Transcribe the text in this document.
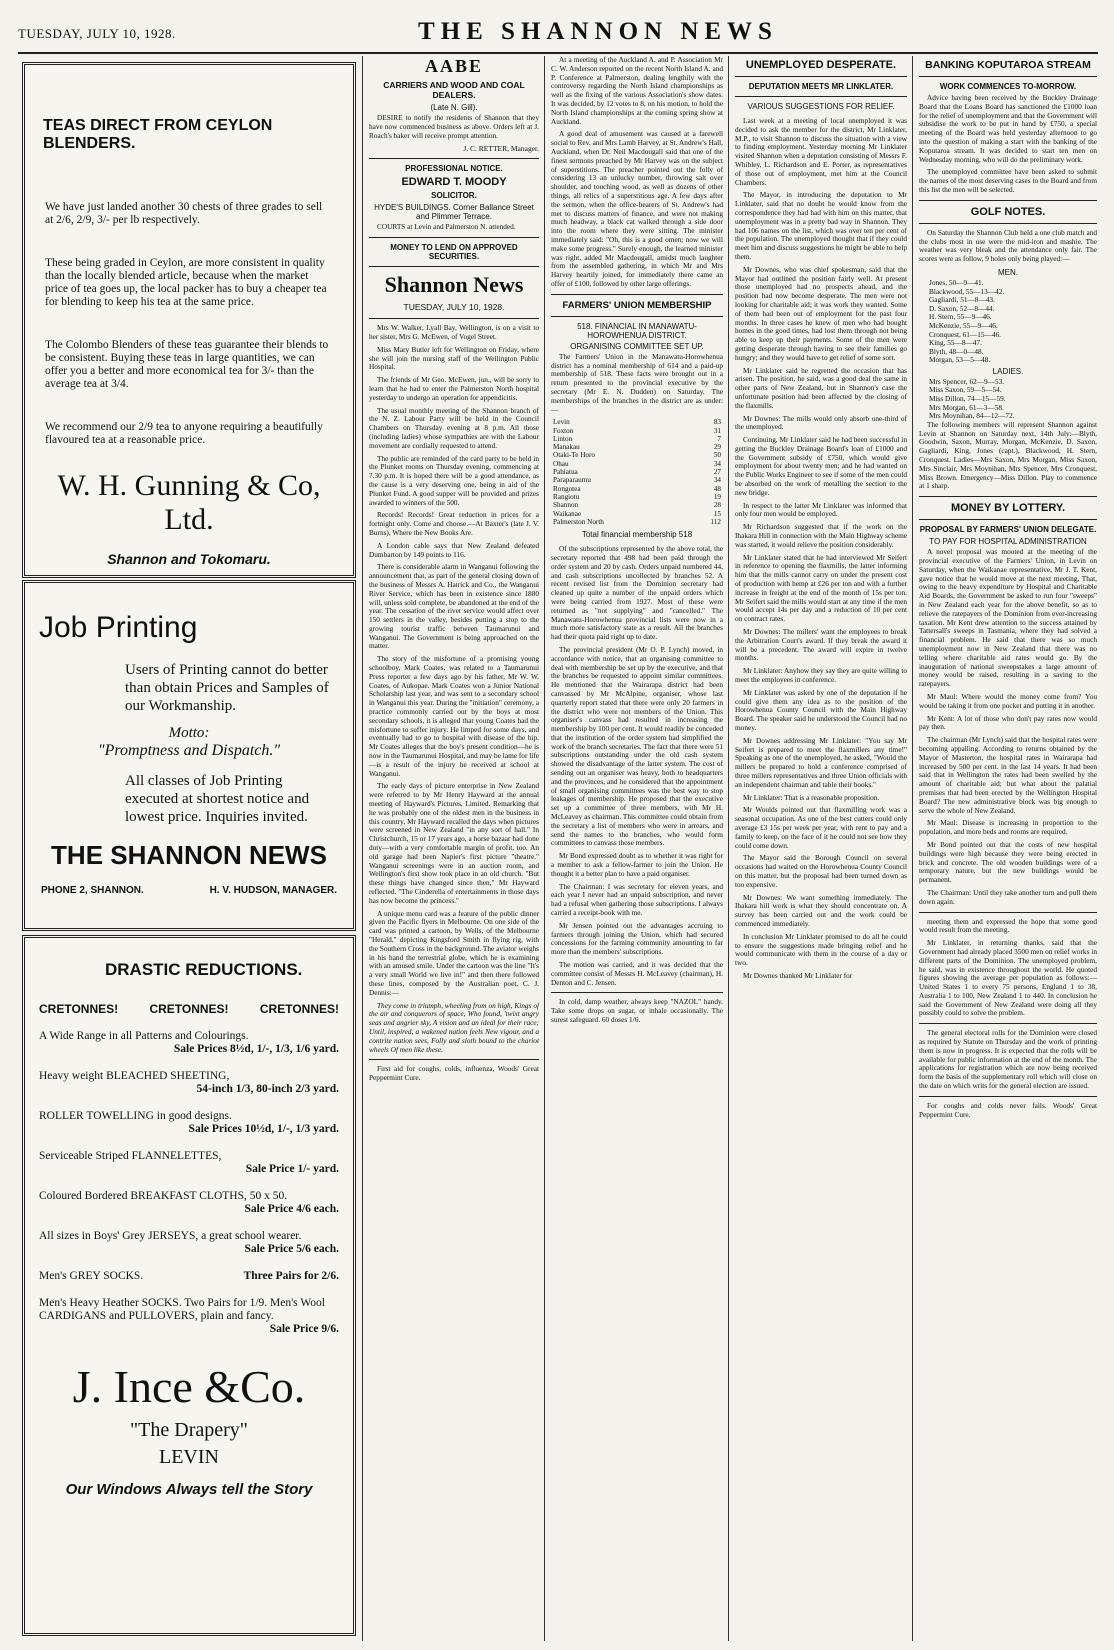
TUESDAY, JULY 10, 1928.	THE SHANNON NEWS
TEAS DIRECT FROM CEYLON BLENDERS.
We have just landed another 30 chests of three grades to sell at 2/6, 2/9, 3/- per lb respectively.
These being graded in Ceylon, are more consistent in quality than the locally blended article, because when the market price of tea goes up, the local packer has to buy a cheaper tea for blending to keep his tea at the same price.
The Colombo Blenders of these teas guarantee their blends to be consistent. Buying these teas in large quantities, we can offer you a better and more economical tea for 3/- than the average tea at 3/4.
We recommend our 2/9 tea to anyone requiring a beautifully flavoured tea at a reasonable price.
W. H. Gunning & Co, Ltd.
Shannon and Tokomaru.
Job Printing
Users of Printing cannot do better than obtain Prices and Samples of our Workmanship.
Motto:
"Promptness and Dispatch."
All classes of Job Printing executed at shortest notice and lowest price. Inquiries invited.
THE SHANNON NEWS
PHONE 2, SHANNON.	H. V. HUDSON, MANAGER.
DRASTIC REDUCTIONS.
CRETONNES!	CRETONNES!	CRETONNES!
A Wide Range in all Patterns and Colourings.
Sale Prices 8½d, 1/-, 1/3, 1/6 yard.
Heavy weight BLEACHED SHEETING,
54-inch 1/3, 80-inch 2/3 yard.
ROLLER TOWELLING in good designs.
Sale Prices 10½d, 1/-, 1/3 yard.
Serviceable Striped FLANNELETTES,
Sale Price 1/- yard.
Coloured Bordered BREAKFAST CLOTHS, 50 x 50.
Sale Price 4/6 each.
All sizes in Boys' Grey JERSEYS, a great school wearer.
Sale Price 5/6 each.
Men's GREY SOCKS.	Three Pairs for 2/6.
Men's Heavy Heather SOCKS. Two Pairs for 1/9. Men's Wool CARDIGANS and PULLOVERS, plain and fancy.
Sale Price 9/6.
J. Ince &Co.
"The Drapery"
LEVIN
Our Windows Always tell the Story
AABE
CARRIERS AND WOOD AND COAL DEALERS.
(Late N. Gill).

DESIRE to notify the residents of Shannon that they have now commenced business as above. Orders left at J. Roach's baker will receive prompt attention.

J. C. RETTER, Manager.
PROFESSIONAL NOTICE.
EDWARD T. MOODY
SOLICITOR.
HYDE'S BUILDINGS. Corner Ballance Street and Plimmer Terrace.

COURTS at Levin and Palmerston N. attended.

MONEY TO LEND ON APPROVED SECURITIES.
Shannon News
TUESDAY, JULY 10, 1928.

Mrs W. Walker, Lyall Bay, Wellington, is on a visit to her sister, Mrs G. McEwen, of Vogel Street.

Miss Mary Butler left for Wellington on Friday, where she will join the nursing staff of the Wellington Public Hospital.

The friends of Mr Geo. McEwen, jun., will be sorry to learn that he had to enter the Palmerston North hospital yesterday to undergo an operation for appendicitis.

The usual monthly meeting of the Shannon branch of the N. Z. Labour Party will be held in the Council Chambers on Thursday evening at 8 p.m. All those (including ladies) whose sympathies are with the Labour movement are cordially requested to attend.

The public are reminded of the card party to be held in the Plunket rooms on Thursday evening, commencing at 7.30 p.m. It is hoped there will be a good attendance, as the cause is a very deserving one, being in aid of the Plunket Fund. A good supper will be provided and prizes awarded to winners of the 500.

Records! Records! Great reduction in prices for a fortnight only. Come and choose.—At Baxter's (late J. V. Burns), Where the New Books Are.

A London cable says that New Zealand defeated Dumbarton by 149 points to 116.

There is considerable alarm in Wanganui following the announcement that, as part of the general closing down of the business of Messrs A. Hatrick and Co., the Wanganui River Service, which has been in existence since 1880 will, unless sold complete, be abandoned at the end of the year. The cessation of the river service would affect over 150 settlers in the valley, besides putting a stop to the growing tourist traffic between Taumarunui and Wanganui. The Government is being approached on the matter.

The story of the misfortune of a promising young schoolboy, Mark Coates, was related to a Taumarunui Press reporter a few days ago by his father, Mr W. W. Coates, of Aukopae. Mark Coates won a Junior National Scholarship last year, and was sent to a secondary school in Wanganui this year. During the "initiation" ceremony, a practice commonly carried out by the boys at most secondary schools, it is alleged that young Coates had the misfortune to suffer injury. He limped for some days, and eventually had to go to hospital with disease of the hip. Mr Coates alleges that the boy's present condition—he is now in the Taumarunui Hospital, and may be lame for life—is a result of the injury he received at school at Wanganui.

The early days of picture enterprise in New Zealand were referred to by Mr Henry Hayward at the annual meeting of Hayward's Pictures, Limited. Remarking that he was probably one of the oldest men in the business in this country, Mr Hayward recalled the days when pictures were screened in New Zealand "in any sort of hall." In Christchurch, 15 or 17 years ago, a horse bazaar had done duty—with a very comfortable margin of profit, too. An old garage had been Napier's first picture "theatre." Wanganui screenings were in an auction room, and Wellington's first show took place in an old church. "But these things have changed since then," Mr Hayward reflected. "The Cinderella of entertainments in those days has now become the princess."

A unique menu card was a feature of the public dinner given the Pacific flyers in Melbourne. On one side of the card was printed a cartoon, by Wells, of the Melbourne "Herald," depicting Kingsford Smith in flying rig, with the Southern Cross in the background. The aviator weighs in his hand the terrestrial globe, which he is examining with an amused smile. Under the cartoon was the line "It's a very small World we live in!" and then there followed these lines, composed by the Australian poet, C. J. Dennis:—

They come in triumph, wheeling from on high, Kings of the air and conquerors of space, Who found, 'twixt angry seas and angrier sky, A vision and an ideal for their race; Until, inspired, a wakened nation feels New vigour, and a contrite nation sees, Folly and sloth bound to the chariot wheels Of men like these.

First aid for coughs, colds, influenza, Woods' Great Peppermint Cure.

At a meeting of the Auckland A. and P. Association Mr C. W. Anderson reported on the recent North Island A. and P. Conference at Palmerston, dealing lengthily with the controversy regarding the North Island championships as well as the fixing of the various Association's show dates. It was decided, by 12 votes to 8, on his motion, to hold the North Island championships at the coming spring show at Auckland.

A good deal of amusement was caused at a farewell social to Rev. and Mrs Lamb Harvey, at St. Andrew's Hall, Auckland, when Dr. Neil Macdougall said that one of the finest sermons preached by Mr Harvey was on the subject of superstitions. The preacher pointed out the folly of considering 13 an unlucky number, throwing salt over shoulder, and touching wood, as well as dozens of other things, all relics of a superstitious age. A few days after the sermon, when the office-bearers of St. Andrew's had met to discuss matters of finance, and were not making much headway, a black cat walked through a side door into the room where they were sitting. The minister immediately said: "Oh, this is a good omen; now we will make some progress." Surely enough, the learned minister was right, added Mr Macdougall, amidst much laughter from the assembled gathering, in which Mr and Mrs Harvey heartily joined, for immediately there came an offer of £100, followed by other large offerings.

FARMERS' UNION MEMBERSHIP
518. FINANCIAL IN MANAWATU-HOROWHENUA DISTRICT.
ORGANISING COMMITTEE SET UP.

The Farmers' Union in the Manawatu-Horowhenua district has a nominal membership of 614 and a paid-up membership of 518. These facts were brought out in a return presented to the provincial executive by the secretary (Mr E. N. Dudden) on Saturday. The memberships of the branches in the district are as under:—

Levin	83
Foxton	31
Linton	7
Manakau	29
Otaki-Te Horo	50
Ohau	34
Pahiatua	27
Paraparaumu	34
Rongotea	48
Rangiotu	19
Shannon	28
Waikanae	15
Palmerston North	112
Total financial membership 518

Of the subscriptions represented by the above total, the secretary reported that 498 had been paid through the order system and 20 by cash. Orders unpaid numbered 44, and cash subscriptions uncollected by branches 52. A recent revised list from the Dominion secretary had cleaned up quite a number of the unpaid orders which were being carried from 1927. Most of these were returned as "not supplying" and "cancelled." The Manawatu-Horowhenua provincial lists were now in a much more satisfactory state as a result. All the branches had their quota paid right up to date.

The provincial president (Mr O. P. Lynch) moved, in accordance with notice, that an organising committee to deal with membership be set up by the executive, and that the branches be requested to appoint similar committees. He mentioned that the Wairarapa district had been canvassed by Mr McAlpine, organiser, whose last quarterly report stated that there were only 20 farmers in the district who were not members of the Union. This organiser's canvass had resulted in increasing the membership by 100 per cent. It would readily be conceded that the institution of the order system had simplified the work of the branch secretaries. The fact that there were 51 subscriptions outstanding under the old cash system showed the disadvantage of the latter system. The cost of sending out an organiser was heavy, both to headquarters and the provinces, and he considered that the appointment of small organising committees was the best way to stop leakages of membership. He proposed that the executive set up a committee of three members, with Mr H. McLeavey as chairman. This committee could obtain from the secretary a list of members who were in arrears, and send the names to the branches, who would form committees to canvass those members.

Mr Bond expressed doubt as to whether it was right for a member to ask a fellow-farmer to join the Union. He thought it a better plan to have a paid organiser.

The Chairman: I was secretary for eleven years, and each year I never had an unpaid subscription, and never had a refusal when gathering those subscriptions. I always carried a receipt-book with me.

Mr Jensen pointed out the advantages accruing to farmers through joining the Union, which had secured concessions for the farming community amounting to far more than the members' subscriptions.

The motion was carried, and it was decided that the committee consist of Messrs H. McLeavey (chairman), H. Denton and C. Jensen.

In cold, damp weather, always keep "NAZOL" handy. Take some drops on sugar, or inhale occasionally. The surest safeguard. 60 doses 1/6.

UNEMPLOYED DESPERATE.
DEPUTATION MEETS MR LINKLATER.
VARIOUS SUGGESTIONS FOR RELIEF.

Last week at a meeting of local unemployed it was decided to ask the member for the district, Mr Linklater, M.P., to visit Shannon to discuss the situation with a view to finding employment. Yesterday morning Mr Linklater visited Shannon when a deputation consisting of Messrs F. Whibley, L. Richardson and E. Porter, as representatives of those out of employment, met him at the Council Chambers.

The Mayor, in introducing the deputation to Mr Linklater, said that no doubt he would know from the correspondence they had had with him on this matter, that unemployment was in a pretty bad way in Shannon. They had 106 names on the list, which was over ten per cent of the population. The unemployed thought that if they could meet him and discuss suggestions he might be able to help them.

Mr Downes, who was chief spokesman, said that the Mayor had outlined the position fairly well. At present those unemployed had no prospects ahead, and the position had now become desperate. The men were not looking for charitable aid; it was work they wanted. Some of them had been out of employment for the past four months. In three cases he knew of men who had bought homes in the good times, had lost them through not being able to keep up their payments. Some of the men were getting desperate through having to see their families go hungry; and they would have to get relief of some sort.

Mr Linklater said he regretted the occasion that has arisen. The position, he said, was a good deal the same in other parts of New Zealand, but in Shannon's case the unfortunate position had been affected by the closing of the flaxmills.

Mr Downes: The mills would only absorb one-third of the unemployed.

Continuing, Mr Linklater said he had been successful in getting the Buckley Drainage Board's loan of £1000 and the Government subsidy of £750, which would give employment for about twenty men; and he had wanted on the Public Works Engineer to see if some of the men could be absorbed on the work of metalling the section to the new bridge.

In respect to the latter Mr Linklater was informed that only four men would be employed.

Mr Richardson suggested that if the work on the Ihakara Hill in connection with the Main Highway scheme was started, it would relieve the position considerably.

Mr Linklater stated that he had interviewed Mr Seifert in reference to opening the flaxmills, the latter informing him that the mills cannot carry on under the present cost of production with hemp at £26 per ton and with a further increase in freight at the end of the month of 15s per ton. Mr Seifert said the mills would start at any time if the men would accept 14s per day and a reduction of 10 per cent on contract rates.

Mr Downes: The millers' want the employees to break the Arbitration Court's award. If they break the award it will be a precedent. The award will expire in twelve months.

Mr Linklater: Anyhow they say they are quite willing to meet the employees in conference.

Mr Linklater was asked by one of the deputation if he could give them any idea as to the position of the Horowhenua County Council with the Main Highway Board. The speaker said he understood the Council had no money.

Mr Downes addressing Mr Linklater: "You say Mr Seifert is prepared to meet the flaxmillers any time!" Speaking as one of the unemployed, he asked, "Would the millers be prepared to hold a conference comprised of three millers representatives and three Union officials with an independent chairman and table their books."

Mr Linklater: That is a reasonable proposition.

Mr Woulds pointed out that flaxmilling work was a seasonal occupation. As one of the best cutters could only average £3 15s per week per year, with rent to pay and a family to keep, on the face of it he could not see how they could come down.

The Mayor said the Borough Council on several occasions had waited on the Horowhenua County Council on this matter, but the proposal had been turned down as too expensive.

Mr Downes: We want something immediately. The Ihakara hill work is what they should concentrate on. A survey has been carried out and the work could be commenced immediately.

In conclusion Mr Linklater promised to do all he could to ensure the suggestions made bringing relief and he would communicate with them in the course of a day or two.

Mr Downes thanked Mr Linklater for

BANKING KOPUTAROA STREAM
WORK COMMENCES TO-MORROW.

Advice having been received by the Buckley Drainage Board that the Loans Board has sanctioned the £1000 loan for the relief of unemployment and that the Government will subsidise the work to be put in hand by £750, a special meeting of the Board was held yesterday afternoon to go into the question of making a start with the banking of the Koputaroa stream. It was decided to start ten men on Wednesday morning, who will do the preliminary work.

The unemployed committee have been asked to submit the names of the most deserving cases to the Board and from this list the men will be selected.

GOLF NOTES.

On Saturday the Shannon Club held a one club match and the clubs most in use were the mid-iron and mashie. The weather was very bleak and the attendance only fair. The scores were as follow, 9 holes only being played:—

MEN.
Jones, 50—9—41.
Blackwood, 55—13—42.
Gagliardi, 51—8—43.
D. Saxon, 52—8—44.
H. Stern, 55—9—46.
McKenzie, 55—9—46.
Cronquest, 61—15—46.
King, 55—8—47.
Blyth, 48—0—48.
Morgan, 53—5—48.
LADIES.
Mrs Spencer, 62—9—53.
Miss Saxon, 59—5—54.
Miss Dillon, 74—15—59.
Mrs Morgan, 61—3—58.
Mrs Moynihan, 84—12—72.

The following members will represent Shannon against Levin at Shannon on Saturday next, 14th July:—Blyth, Goodwin, Saxon, Murray, Morgan, McKenzie, D. Saxon, Gagliardi, King, Jones (capt.), Blackwood, H. Stern, Cronquest. Ladies—Mrs Saxon, Mrs Morgan, Miss Saxon, Mrs Sinclair, Mrs Moynihan, Mrs Spencer, Mrs Cronquest, Miss Brown. Emergency—Miss Dillon. Play to commence at 1 sharp.

MONEY BY LOTTERY.
PROPOSAL BY FARMERS' UNION DELEGATE.
TO PAY FOR HOSPITAL ADMINISTRATION

A novel proposal was mooted at the meeting of the provincial executive of the Farmers' Union, in Levin on Saturday, when the Waikanae representative, Mr J. T. Kent, gave notice that he would move at the next meeting, That, owing to the heavy expenditure by Hospital and Charitable Aid Boards, the Government be asked to run four "sweeps" in New Zealand each year for the above benefit, so as to relieve the ratepayers of the Dominion from ever-increasing taxation. Mr Kent drew attention to the success attained by Tattersall's sweeps in Tasmania, where they had solved a financial problem. He said that there was so much unemployment now in New Zealand that there was no telling where charitable aid rates would go. By the inauguration of national sweepstakes a large amount of money would be raised, resulting in a saving to the ratepayers.

Mr Maul: Where would the money come from? You would be taking it from one pocket and putting it in another.

Mr Kent: A lot of those who don't pay rates now would pay then.

The chairman (Mr Lynch) said that the hospital rates were becoming appalling. According to returns obtained by the Mayor of Masterton, the hospital rates in Wairarapa had increased by 500 per cent. in the last 14 years. It had been said that in Wellington the rates had been swelled by the amount of charitable aid; but what about the palatial premises that had been erected by the Wellington Hospital Board? The new administrative block was big enough to serve the whole of New Zealand.

Mr Maul: Disease is increasing in proportion to the population, and more beds and rooms are required.

Mr Bond pointed out that the costs of new hospital buildings were high because they were being erected in brick and concrete. The old wooden buildings were of a temporary nature, but the new buildings would be permanent.

The Chairman: Until they take another turn and pull them down again.

meeting them and expressed the hope that some good would result from the meeting.

Mr Linklater, in returning thanks, said that the Government had already placed 3500 men on relief works in different parts of the Dominion. The unemployed problem, he said, was in existence throughout the world. He quoted figures showing the average per population as follows:—United States 1 to every 75 persons, England 1 to 38, Australia 1 to 100, New Zealand 1 to 440. In conclusion he said the Government of New Zealand were doing all they possibly could to solve the problem.

The general electoral rolls for the Dominion were closed as required by Statute on Thursday and the work of printing them is now in progress. It is expected that the rolls will be available for public information at the end of the month. The applications for registration which are now being received form the basis of the supplementary roll which will close on the date on which writs for the general election are issued.

For coughs and colds never fails. Woods' Great Peppermint Cure.
